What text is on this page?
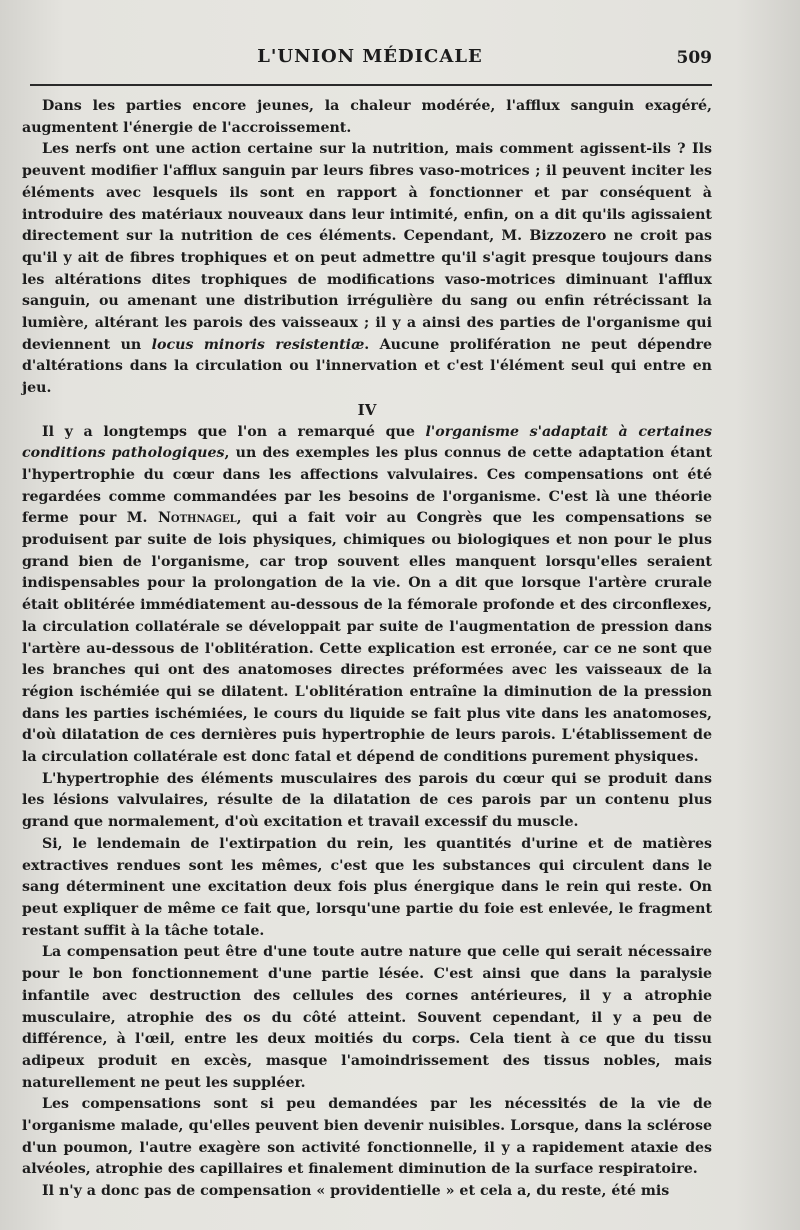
L'UNION MÉDICALE	509

Dans les parties encore jeunes, la chaleur modérée, l'afflux sanguin exagéré, augmentent l'énergie de l'accroissement.

Les nerfs ont une action certaine sur la nutrition, mais comment agissent-ils ? Ils peuvent modifier l'afflux sanguin par leurs fibres vaso-motrices ; il peuvent inciter les éléments avec lesquels ils sont en rapport à fonctionner et par conséquent à introduire des matériaux nouveaux dans leur intimité, enfin, on a dit qu'ils agissaient directement sur la nutrition de ces éléments. Cependant, M. Bizzozero ne croit pas qu'il y ait de fibres trophiques et on peut admettre qu'il s'agit presque toujours dans les altérations dites trophiques de modifications vaso-motrices diminuant l'afflux sanguin, ou amenant une distribution irrégulière du sang ou enfin rétrécissant la lumière, altérant les parois des vaisseaux ; il y a ainsi des parties de l'organisme qui deviennent un locus minoris resistentiæ. Aucune prolifération ne peut dépendre d'altérations dans la circulation ou l'innervation et c'est l'élément seul qui entre en jeu.

IV

Il y a longtemps que l'on a remarqué que l'organisme s'adaptait à certaines conditions pathologiques, un des exemples les plus connus de cette adaptation étant l'hypertrophie du cœur dans les affections valvulaires. Ces compensations ont été regardées comme commandées par les besoins de l'organisme. C'est là une théorie ferme pour M. Nothnagel, qui a fait voir au Congrès que les compensations se produisent par suite de lois physiques, chimiques ou biologiques et non pour le plus grand bien de l'organisme, car trop souvent elles manquent lorsqu'elles seraient indispensables pour la prolongation de la vie. On a dit que lorsque l'artère crurale était oblitérée immédiatement au-dessous de la fémorale profonde et des circonflexes, la circulation collatérale se développait par suite de l'augmentation de pression dans l'artère au-dessous de l'oblitération. Cette explication est erronée, car ce ne sont que les branches qui ont des anatomoses directes préformées avec les vaisseaux de la région ischémiée qui se dilatent. L'oblitération entraîne la diminution de la pression dans les parties ischémiées, le cours du liquide se fait plus vite dans les anatomoses, d'où dilatation de ces dernières puis hypertrophie de leurs parois. L'établissement de la circulation collatérale est donc fatal et dépend de conditions purement physiques.

L'hypertrophie des éléments musculaires des parois du cœur qui se produit dans les lésions valvulaires, résulte de la dilatation de ces parois par un contenu plus grand que normalement, d'où excitation et travail excessif du muscle.

Si, le lendemain de l'extirpation du rein, les quantités d'urine et de matières extractives rendues sont les mêmes, c'est que les substances qui circulent dans le sang déterminent une excitation deux fois plus énergique dans le rein qui reste. On peut expliquer de même ce fait que, lorsqu'une partie du foie est enlevée, le fragment restant suffit à la tâche totale.

La compensation peut être d'une toute autre nature que celle qui serait nécessaire pour le bon fonctionnement d'une partie lésée. C'est ainsi que dans la paralysie infantile avec destruction des cellules des cornes antérieures, il y a atrophie musculaire, atrophie des os du côté atteint. Souvent cependant, il y a peu de différence, à l'œil, entre les deux moitiés du corps. Cela tient à ce que du tissu adipeux produit en excès, masque l'amoindrissement des tissus nobles, mais naturellement ne peut les suppléer.

Les compensations sont si peu demandées par les nécessités de la vie de l'organisme malade, qu'elles peuvent bien devenir nuisibles. Lorsque, dans la sclérose d'un poumon, l'autre exagère son activité fonctionnelle, il y a rapidement ataxie des alvéoles, atrophie des capillaires et finalement diminution de la surface respiratoire.

Il n'y a donc pas de compensation « providentielle » et cela a, du reste, été mis
